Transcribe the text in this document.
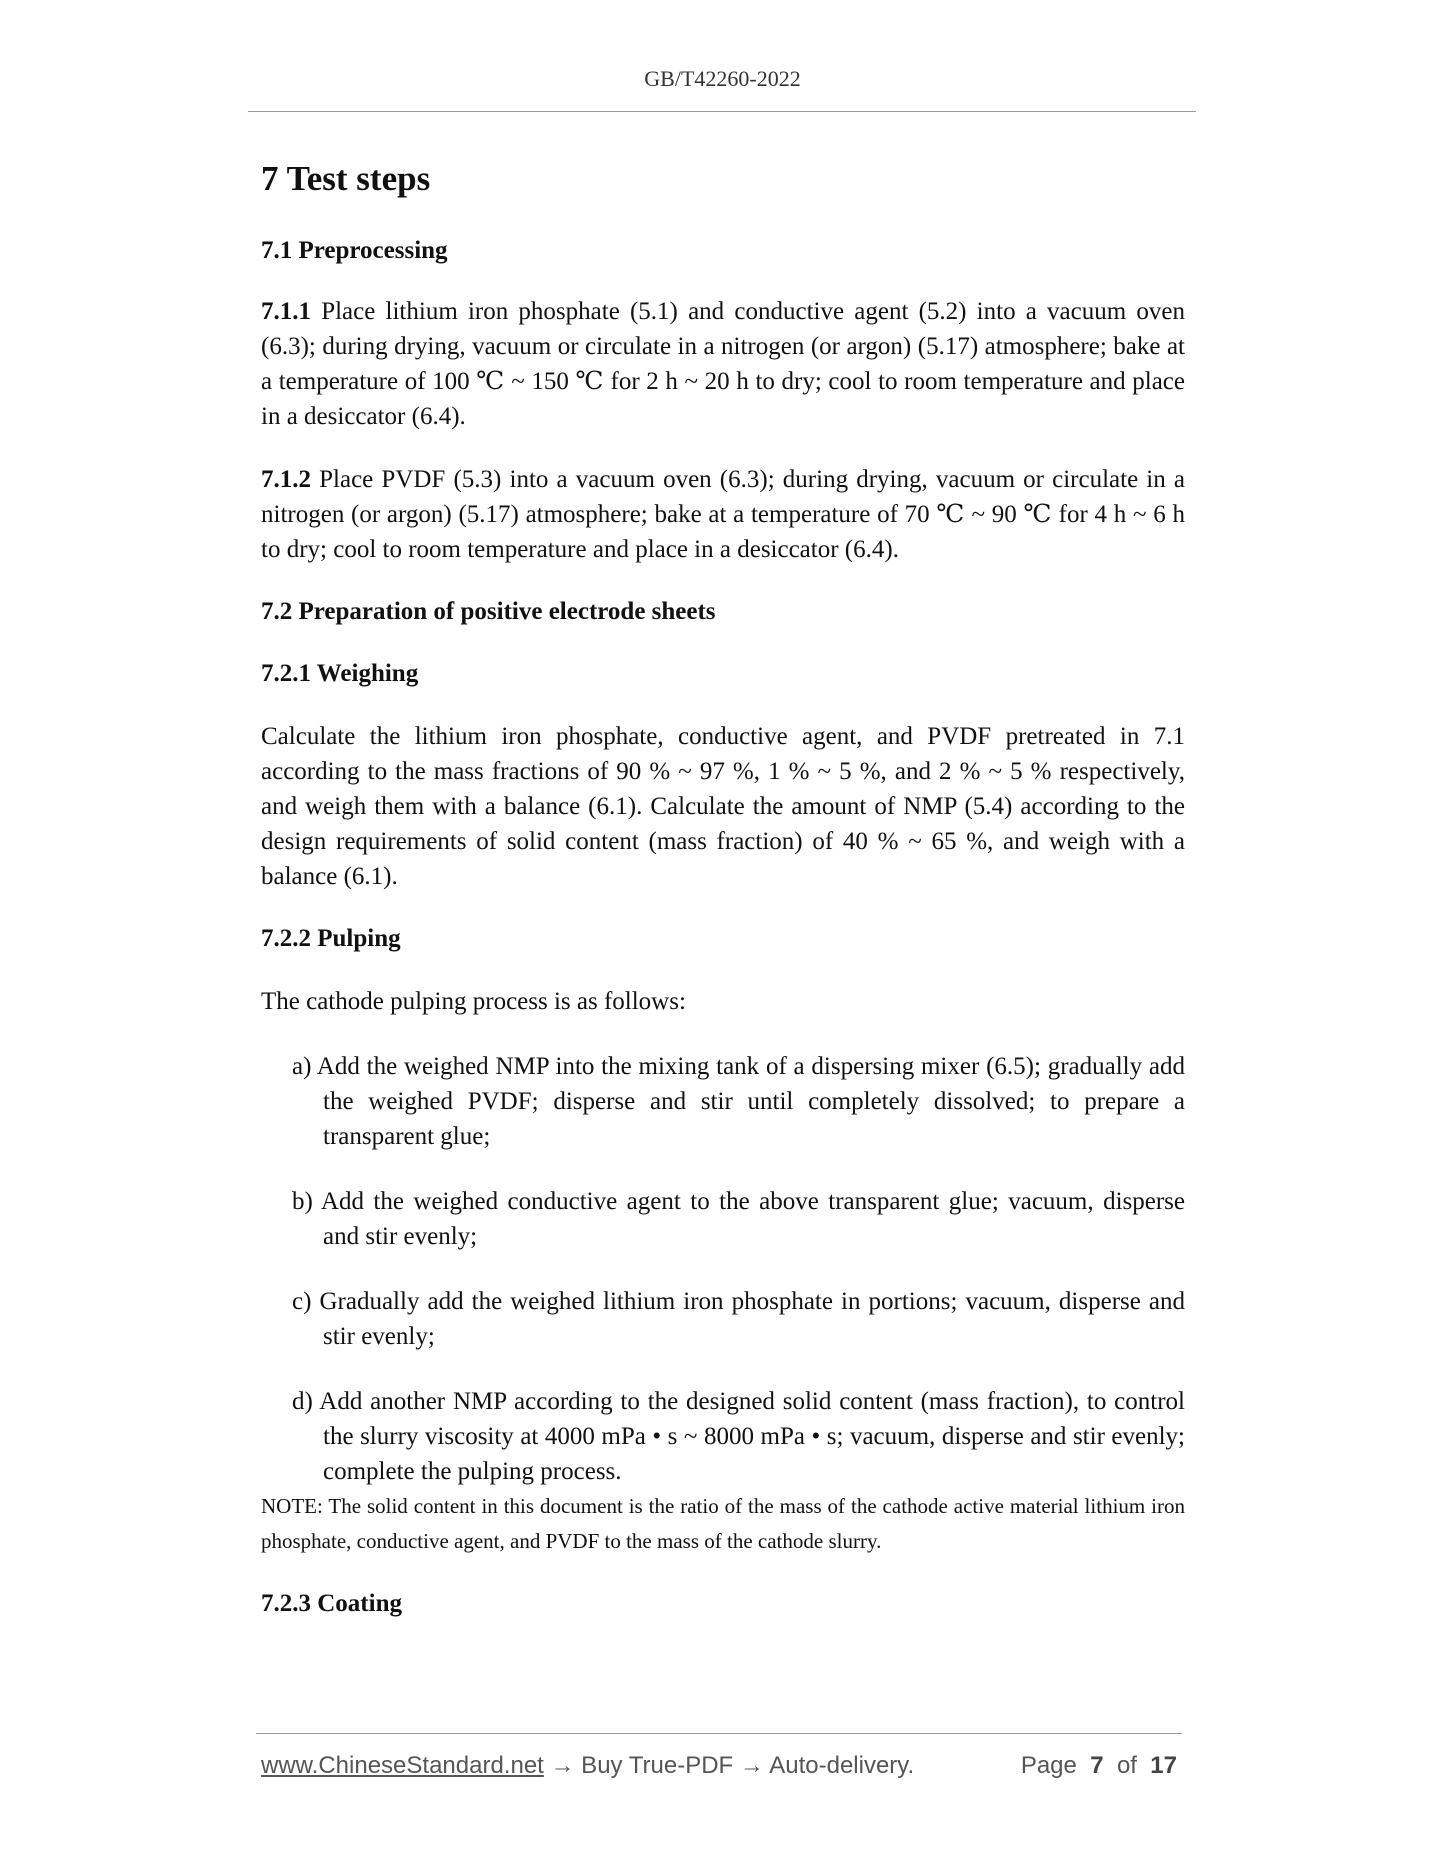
GB/T42260-2022
7 Test steps
7.1 Preprocessing

7.1.1 Place lithium iron phosphate (5.1) and conductive agent (5.2) into a vacuum oven (6.3); during drying, vacuum or circulate in a nitrogen (or argon) (5.17) atmosphere; bake at a temperature of 100 ℃ ~ 150 ℃ for 2 h ~ 20 h to dry; cool to room temperature and place in a desiccator (6.4).

7.1.2 Place PVDF (5.3) into a vacuum oven (6.3); during drying, vacuum or circulate in a nitrogen (or argon) (5.17) atmosphere; bake at a temperature of 70 ℃ ~ 90 ℃ for 4 h ~ 6 h to dry; cool to room temperature and place in a desiccator (6.4).

7.2 Preparation of positive electrode sheets
7.2.1 Weighing

Calculate the lithium iron phosphate, conductive agent, and PVDF pretreated in 7.1 according to the mass fractions of 90 % ~ 97 %, 1 % ~ 5 %, and 2 % ~ 5 % respectively, and weigh them with a balance (6.1). Calculate the amount of NMP (5.4) according to the design requirements of solid content (mass fraction) of 40 % ~ 65 %, and weigh with a balance (6.1).

7.2.2 Pulping

The cathode pulping process is as follows:

a) Add the weighed NMP into the mixing tank of a dispersing mixer (6.5); gradually add the weighed PVDF; disperse and stir until completely dissolved; to prepare a transparent glue;

b) Add the weighed conductive agent to the above transparent glue; vacuum, disperse and stir evenly;

c) Gradually add the weighed lithium iron phosphate in portions; vacuum, disperse and stir evenly;

d) Add another NMP according to the designed solid content (mass fraction), to control the slurry viscosity at 4000 mPa • s ~ 8000 mPa • s; vacuum, disperse and stir evenly; complete the pulping process.

NOTE: The solid content in this document is the ratio of the mass of the cathode active material lithium iron phosphate, conductive agent, and PVDF to the mass of the cathode slurry.

7.2.3 Coating
www.ChineseStandard.net → Buy True-PDF → Auto-delivery.	Page 7 of 17
